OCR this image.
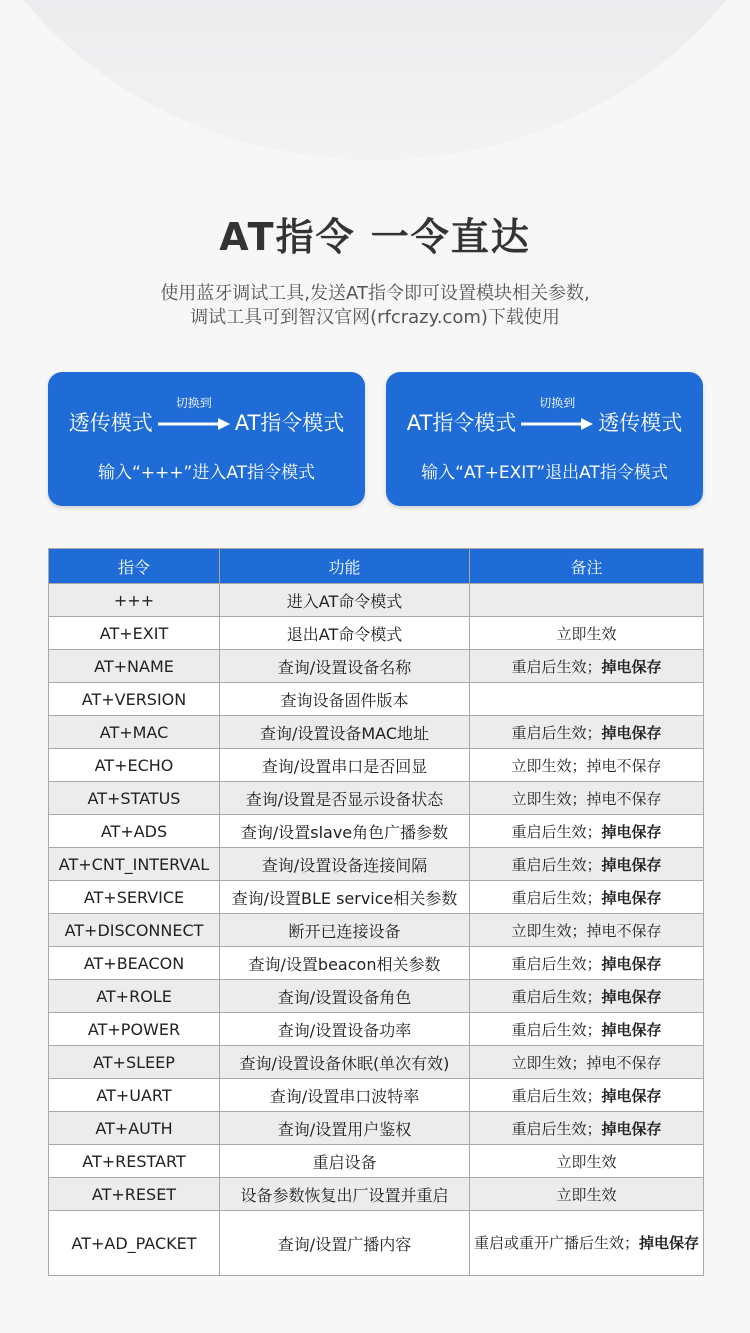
AT指令 一令直达
使用蓝牙调试工具,发送AT指令即可设置模块相关参数,
调试工具可到智汉官网(rfcrazy.com)下载使用
透传模式
切换到
AT指令模式
输入“+++”进入AT指令模式
AT指令模式
切换到
透传模式
输入“AT+EXIT”退出AT指令模式
指令	功能	备注
+++	进入AT命令模式	
AT+EXIT	退出AT命令模式	立即生效
AT+NAME	查询/设置设备名称	重启后生效；掉电保存
AT+VERSION	查询设备固件版本	
AT+MAC	查询/设置设备MAC地址	重启后生效；掉电保存
AT+ECHO	查询/设置串口是否回显	立即生效；掉电不保存
AT+STATUS	查询/设置是否显示设备状态	立即生效；掉电不保存
AT+ADS	查询/设置slave角色广播参数	重启后生效；掉电保存
AT+CNT_INTERVAL	查询/设置设备连接间隔	重启后生效；掉电保存
AT+SERVICE	查询/设置BLE service相关参数	重启后生效；掉电保存
AT+DISCONNECT	断开已连接设备	立即生效；掉电不保存
AT+BEACON	查询/设置beacon相关参数	重启后生效；掉电保存
AT+ROLE	查询/设置设备角色	重启后生效；掉电保存
AT+POWER	查询/设置设备功率	重启后生效；掉电保存
AT+SLEEP	查询/设置设备休眠(单次有效)	立即生效；掉电不保存
AT+UART	查询/设置串口波特率	重启后生效；掉电保存
AT+AUTH	查询/设置用户鉴权	重启后生效；掉电保存
AT+RESTART	重启设备	立即生效
AT+RESET	设备参数恢复出厂设置并重启	立即生效
AT+AD_PACKET	查询/设置广播内容	重启或重开广播后生效；掉电保存
